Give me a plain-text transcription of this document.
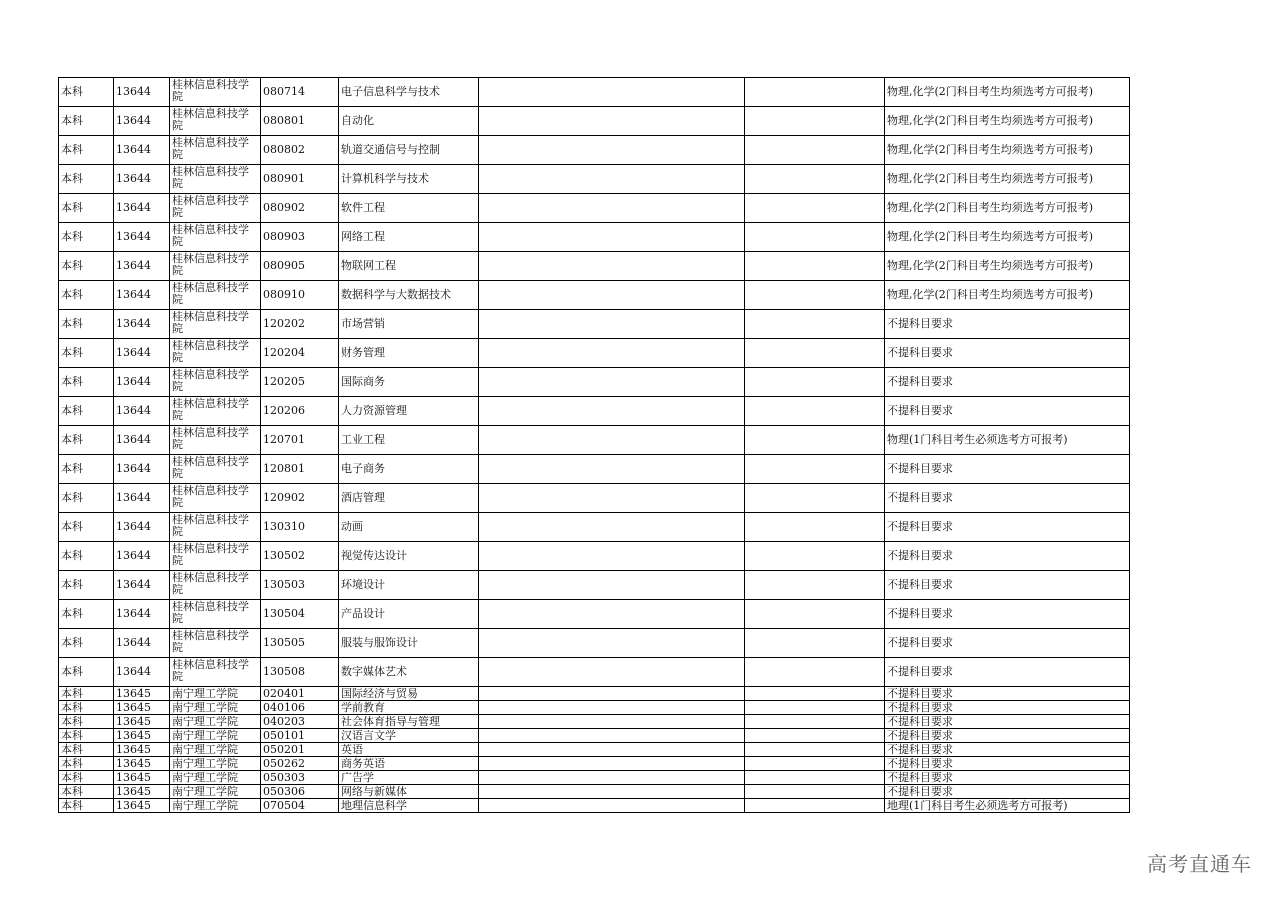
本科	13644	桂林信息科技学院	080714	电子信息科学与技术			物理,化学(2门科目考生均须选考方可报考)
本科	13644	桂林信息科技学院	080801	自动化			物理,化学(2门科目考生均须选考方可报考)
本科	13644	桂林信息科技学院	080802	轨道交通信号与控制			物理,化学(2门科目考生均须选考方可报考)
本科	13644	桂林信息科技学院	080901	计算机科学与技术			物理,化学(2门科目考生均须选考方可报考)
本科	13644	桂林信息科技学院	080902	软件工程			物理,化学(2门科目考生均须选考方可报考)
本科	13644	桂林信息科技学院	080903	网络工程			物理,化学(2门科目考生均须选考方可报考)
本科	13644	桂林信息科技学院	080905	物联网工程			物理,化学(2门科目考生均须选考方可报考)
本科	13644	桂林信息科技学院	080910	数据科学与大数据技术			物理,化学(2门科目考生均须选考方可报考)
本科	13644	桂林信息科技学院	120202	市场营销			不提科目要求
本科	13644	桂林信息科技学院	120204	财务管理			不提科目要求
本科	13644	桂林信息科技学院	120205	国际商务			不提科目要求
本科	13644	桂林信息科技学院	120206	人力资源管理			不提科目要求
本科	13644	桂林信息科技学院	120701	工业工程			物理(1门科目考生必须选考方可报考)
本科	13644	桂林信息科技学院	120801	电子商务			不提科目要求
本科	13644	桂林信息科技学院	120902	酒店管理			不提科目要求
本科	13644	桂林信息科技学院	130310	动画			不提科目要求
本科	13644	桂林信息科技学院	130502	视觉传达设计			不提科目要求
本科	13644	桂林信息科技学院	130503	环境设计			不提科目要求
本科	13644	桂林信息科技学院	130504	产品设计			不提科目要求
本科	13644	桂林信息科技学院	130505	服装与服饰设计			不提科目要求
本科	13644	桂林信息科技学院	130508	数字媒体艺术			不提科目要求
本科	13645	南宁理工学院	020401	国际经济与贸易			不提科目要求
本科	13645	南宁理工学院	040106	学前教育			不提科目要求
本科	13645	南宁理工学院	040203	社会体育指导与管理			不提科目要求
本科	13645	南宁理工学院	050101	汉语言文学			不提科目要求
本科	13645	南宁理工学院	050201	英语			不提科目要求
本科	13645	南宁理工学院	050262	商务英语			不提科目要求
本科	13645	南宁理工学院	050303	广告学			不提科目要求
本科	13645	南宁理工学院	050306	网络与新媒体			不提科目要求
本科	13645	南宁理工学院	070504	地理信息科学			地理(1门科目考生必须选考方可报考)
高考直通车
